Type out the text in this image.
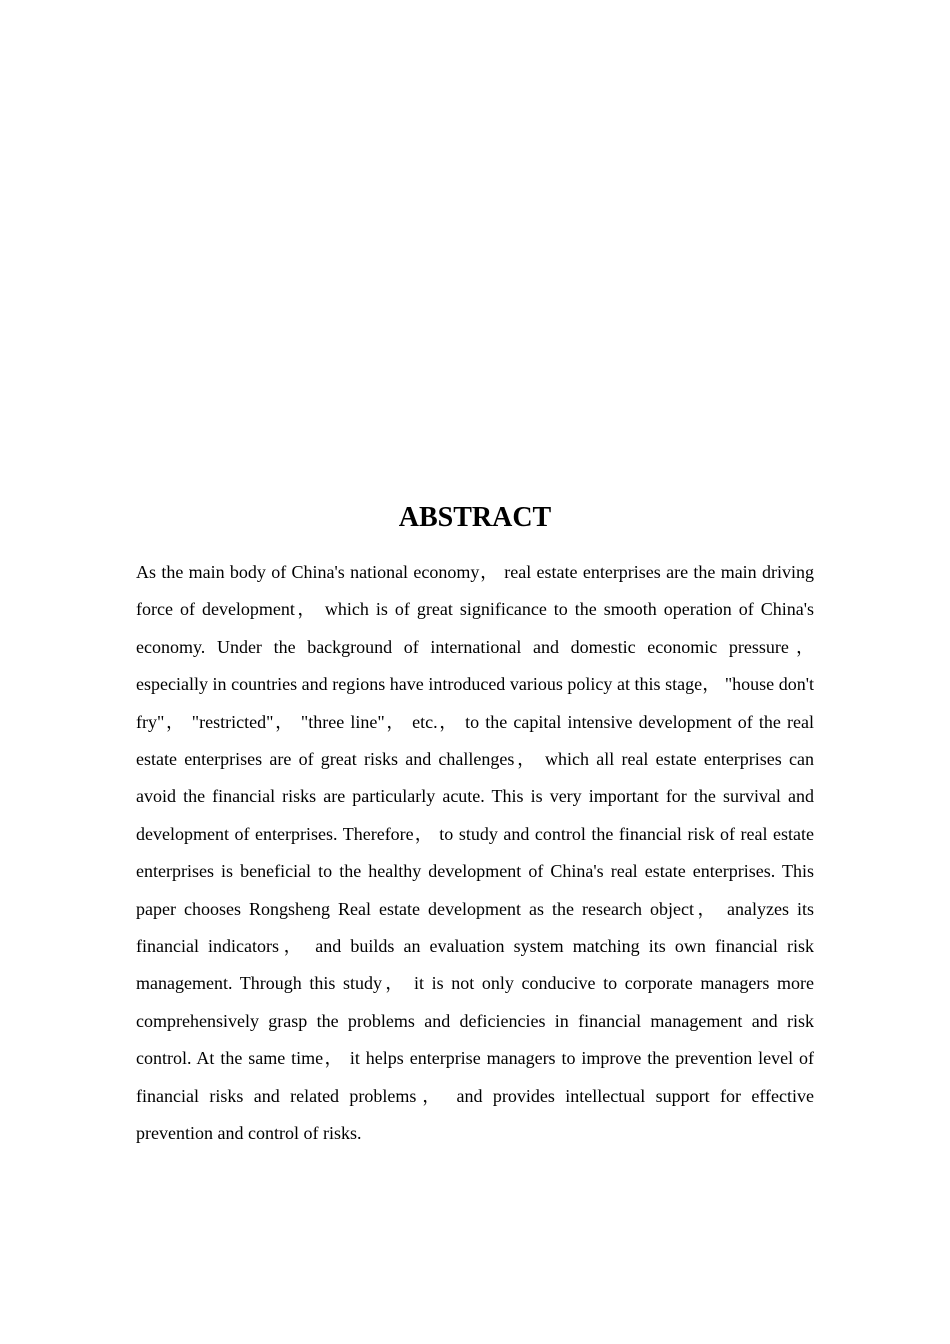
ABSTRACT

As the main body of China's national economy， real estate enterprises are the main driving force of development， which is of great significance to the smooth operation of China's economy. Under the background of international and domestic economic pressure， especially in countries and regions have introduced various policy at this stage， "house don't fry"， "restricted"， "three line"， etc.， to the capital intensive development of the real estate enterprises are of great risks and challenges， which all real estate enterprises can avoid the financial risks are particularly acute. This is very important for the survival and development of enterprises. Therefore， to study and control the financial risk of real estate enterprises is beneficial to the healthy development of China's real estate enterprises. This paper chooses Rongsheng Real estate development as the research object， analyzes its financial indicators， and builds an evaluation system matching its own financial risk management. Through this study， it is not only conducive to corporate managers more comprehensively grasp the problems and deficiencies in financial management and risk control. At the same time， it helps enterprise managers to improve the prevention level of financial risks and related problems， and provides intellectual support for effective prevention and control of risks.
